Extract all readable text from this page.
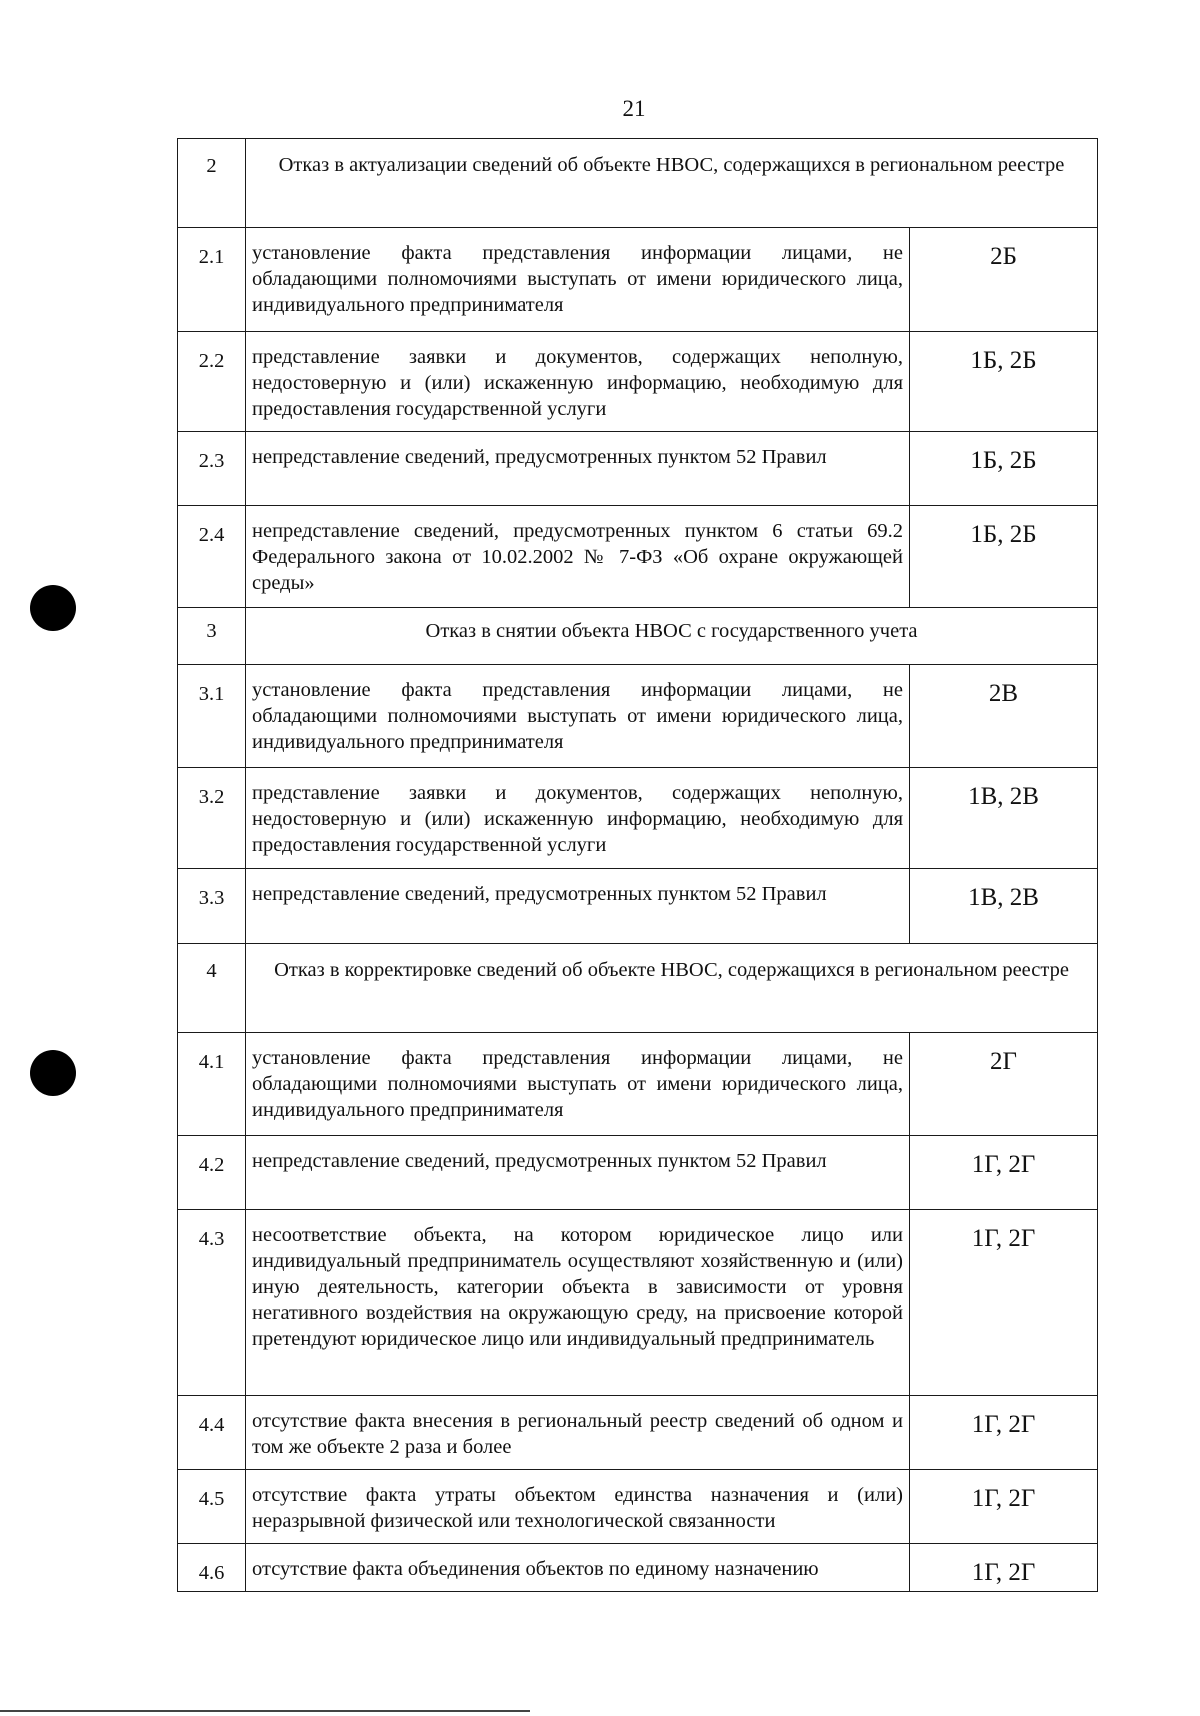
21
2	Отказ в актуализации сведений об объекте НВОС, содержащихся в региональном реестре	
2.1	установление факта представления информации лицами, не обладающими полномочиями выступать от имени юридического лица, индивидуального предпринимателя	2Б
2.2	представление заявки и документов, содержащих неполную, недостоверную и (или) искаженную информацию, необходимую для предоставления государственной услуги	1Б, 2Б
2.3	непредставление сведений, предусмотренных пунктом 52 Правил	1Б, 2Б
2.4	непредставление сведений, предусмотренных пунктом 6 статьи 69.2 Федерального закона от 10.02.2002 № 7-ФЗ «Об охране окружающей среды»	1Б, 2Б
3	Отказ в снятии объекта НВОС с государственного учета	
3.1	установление факта представления информации лицами, не обладающими полномочиями выступать от имени юридического лица, индивидуального предпринимателя	2В
3.2	представление заявки и документов, содержащих неполную, недостоверную и (или) искаженную информацию, необходимую для предоставления государственной услуги	1В, 2В
3.3	непредставление сведений, предусмотренных пунктом 52 Правил	1В, 2В
4	Отказ в корректировке сведений об объекте НВОС, содержащихся в региональном реестре	
4.1	установление факта представления информации лицами, не обладающими полномочиями выступать от имени юридического лица, индивидуального предпринимателя	2Г
4.2	непредставление сведений, предусмотренных пунктом 52 Правил	1Г, 2Г
4.3	несоответствие объекта, на котором юридическое лицо или индивидуальный предприниматель осуществляют хозяйственную и (или) иную деятельность, категории объекта в зависимости от уровня негативного воздействия на окружающую среду, на присвоение которой претендуют юридическое лицо или индивидуальный предприниматель	1Г, 2Г
4.4	отсутствие факта внесения в региональный реестр сведений об одном и том же объекте 2 раза и более	1Г, 2Г
4.5	отсутствие факта утраты объектом единства назначения и (или) неразрывной физической или технологической связанности	1Г, 2Г
4.6	отсутствие факта объединения объектов по единому назначению	1Г, 2Г
